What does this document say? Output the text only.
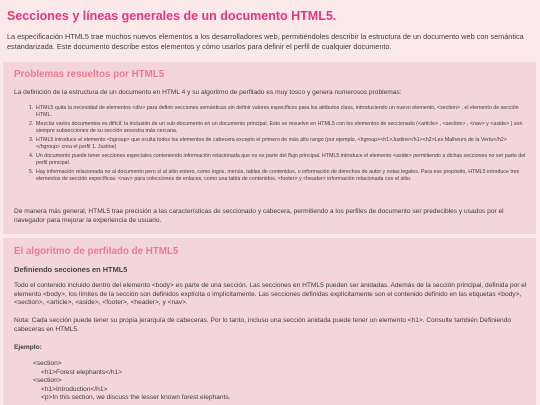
Secciones y líneas generales de un documento HTML5.

La especificación HTML5 trae muchos nuevos elementos a los desarrolladores web, permitiéndoles describir la estructura de un documento web con semántica estandarizada. Este documento describe estos elementos y cómo usarlos para definir el perfil de cualquier documento.

Problemas resueltos por HTML5

La definición de la estructura de un documento en HTML 4 y su algoritmo de perfilado es muy tosco y genera numerosos problemas:

1. HTML5 quita la necesidad de elementos <div> para definir secciones semánticas sin definir valores específicos para los atributos class, introduciendo un nuevo elemento, <section> , el elemento de sección HTML.
2. Mezclar varios documentos es difícil: la inclusión de un sub-documento en un documento principal. Esto se resuelve en HTML5 con los elementos de seccionado (<article> , <section> , <nav> y <aside> ) son siempre subsecciones de su sección ancestra más cercana.
3. HTML5 introduce el elemento <hgroup> que oculta todos los elementos de cabecera excepto el primero de más alto rango (por ejemplo, <hgroup><h1>Justine</h1><h2>Les Malheurs de la Vertu</h2></hgroup> crea el perfil 1. Justine)
4. Un documento puede tener secciones especiales conteniendo información relacionada que no es parte del flujo principal. HTML5 introduce el elemento <aside> permitiendo a dichas secciones no ser parte del perfil principal.
5. Hay información relacionada no al documento pero sí al sitio entero, como logos, menús, tablas de contenidos, o información de derechos de autor y notas legales. Para ese propósito, HTML5 introduce tres elementos de sección específicos: <nav> para colecciones de enlaces, como una tabla de contenidos, <footer> y <header> información relacionada con el sitio.

De manera más general, HTML5 trae precisión a las características de seccionado y cabecera, permitiendo a los perfiles de documento ser predecibles y usados por el navegador para mejorar la experiencia de usuario.

El algoritmo de perfilado de HTML5
Definiendo secciones en HTML5

Todo el contenido incluido dentro del elemento <body> es parte de una sección. Las secciones en HTML5 pueden ser anidadas. Además de la sección principal, definida por el elemento <body>, los límites de la sección son definidos explícita o implícitamente. Las secciones definidas explícitamente son el contenido definido en las etiquetas <body>, <section>, <article>, <aside>, <footer>, <header>, y <nav>.

Nota: Cada sección puede tener su propia jerarquía de cabeceras. Por lo tanto, incluso una sección anidada puede tener un elemento <h1>. Consulte también Definiendo cabeceras en HTML5.

Ejemplo:

<section>
<h1>Forest elephants</h1>
<section>
<h1>Introduction</h1>
<p>In this section, we discuss the lesser known forest elephants.
